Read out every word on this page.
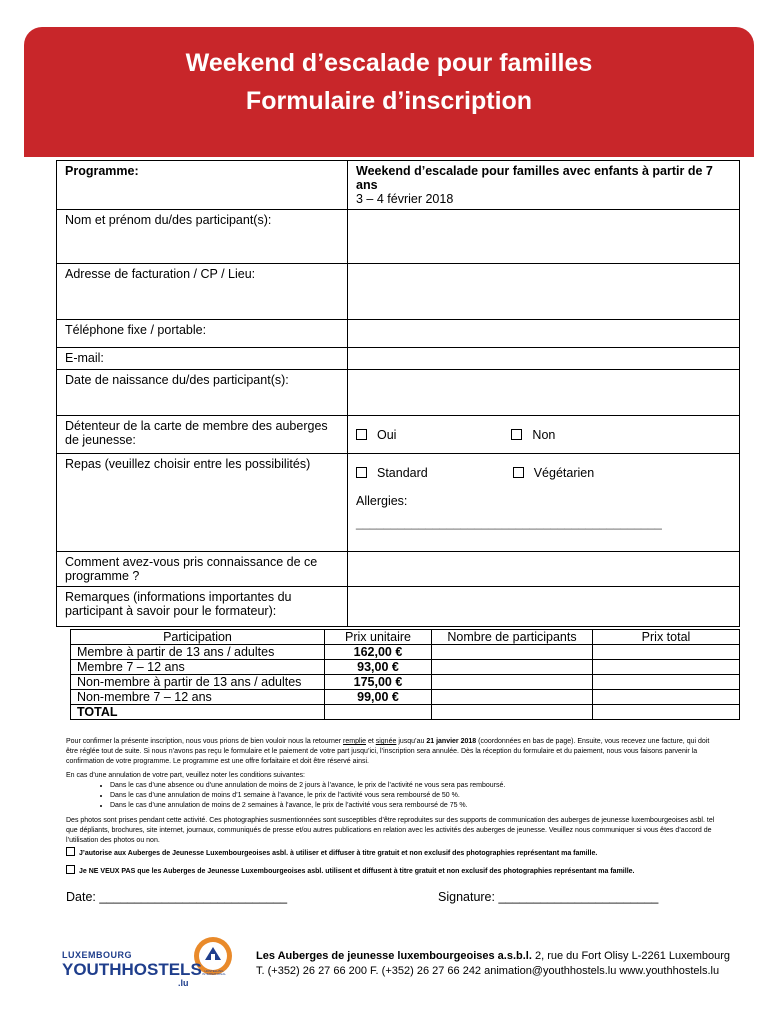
Weekend d’escalade pour familles
Formulaire d’inscription
Programme:	Weekend d’escalade pour familles avec enfants à partir de 7 ans
3 – 4 février 2018

Nom et prénom du/des participant(s):	
Adresse de facturation / CP / Lieu:	
Téléphone fixe / portable:	
E-mail:	
Date de naissance du/des participant(s):	
Détenteur de la carte de membre des auberges de jeunesse:	Oui Non
Repas (veuillez choisir entre les possibilités)	Standard Végétarien
Allergies:
____________________________________________

Comment avez-vous pris connaissance de ce programme ?	
Remarques (informations importantes du participant à savoir pour le formateur):	
Participation	Prix unitaire	Nombre de participants	Prix total
Membre à partir de 13 ans / adultes	162,00 €		
Membre 7 – 12 ans	93,00 €		
Non-membre à partir de 13 ans / adultes	175,00 €		
Non-membre 7 – 12 ans	99,00 €		
TOTAL			
Pour confirmer la présente inscription, nous vous prions de bien vouloir nous la retourner remplie et signée jusqu’au 21 janvier 2018 (coordonnées en bas de page). Ensuite, vous recevez une facture, qui doit être réglée tout de suite. Si nous n’avons pas reçu le formulaire et le paiement de votre part jusqu’ici, l’inscription sera annulée. Dès la réception du formulaire et du paiement, nous vous faisons parvenir la confirmation de votre programme. Le programme est une offre forfaitaire et doit être réservé ainsi.
En cas d’une annulation de votre part, veuillez noter les conditions suivantes:
• Dans le cas d’une absence ou d’une annulation de moins de 2 jours à l’avance, le prix de l’activité ne vous sera pas remboursé.
• Dans le cas d’une annulation de moins d’1 semaine à l’avance, le prix de l’activité vous sera remboursé de 50 %.
• Dans le cas d’une annulation de moins de 2 semaines à l’avance, le prix de l’activité vous sera remboursé de 75 %.
Des photos sont prises pendant cette activité. Ces photographies susmentionnées sont susceptibles d’être reproduites sur des supports de communication des auberges de jeunesse luxembourgeoises asbl. tel que dépliants, brochures, site internet, journaux, communiqués de presse et/ou autres publications en relation avec les activités des auberges de jeunesse. Veuillez nous communiquer si vous êtes d’accord de l’utilisation des photos ou non.
J’autorise aux Auberges de Jeunesse Luxembourgeoises asbl. à utiliser et diffuser à titre gratuit et non exclusif des photographies représentant ma famille.
Je NE VEUX PAS que les Auberges de Jeunesse Luxembourgeoises asbl. utilisent et diffusent à titre gratuit et non exclusif des photographies représentant ma famille.
Date: ___________________________	Signature: _______________________
LUXEMBOURG
YOUTHHOSTELS
.lu
HOSTELLING INTERNATIONAL
Les Auberges de jeunesse luxembourgeoises a.s.b.l. 2, rue du Fort Olisy L-2261 Luxembourg
T. (+352) 26 27 66 200 F. (+352) 26 27 66 242 animation@youthhostels.lu www.youthhostels.lu
